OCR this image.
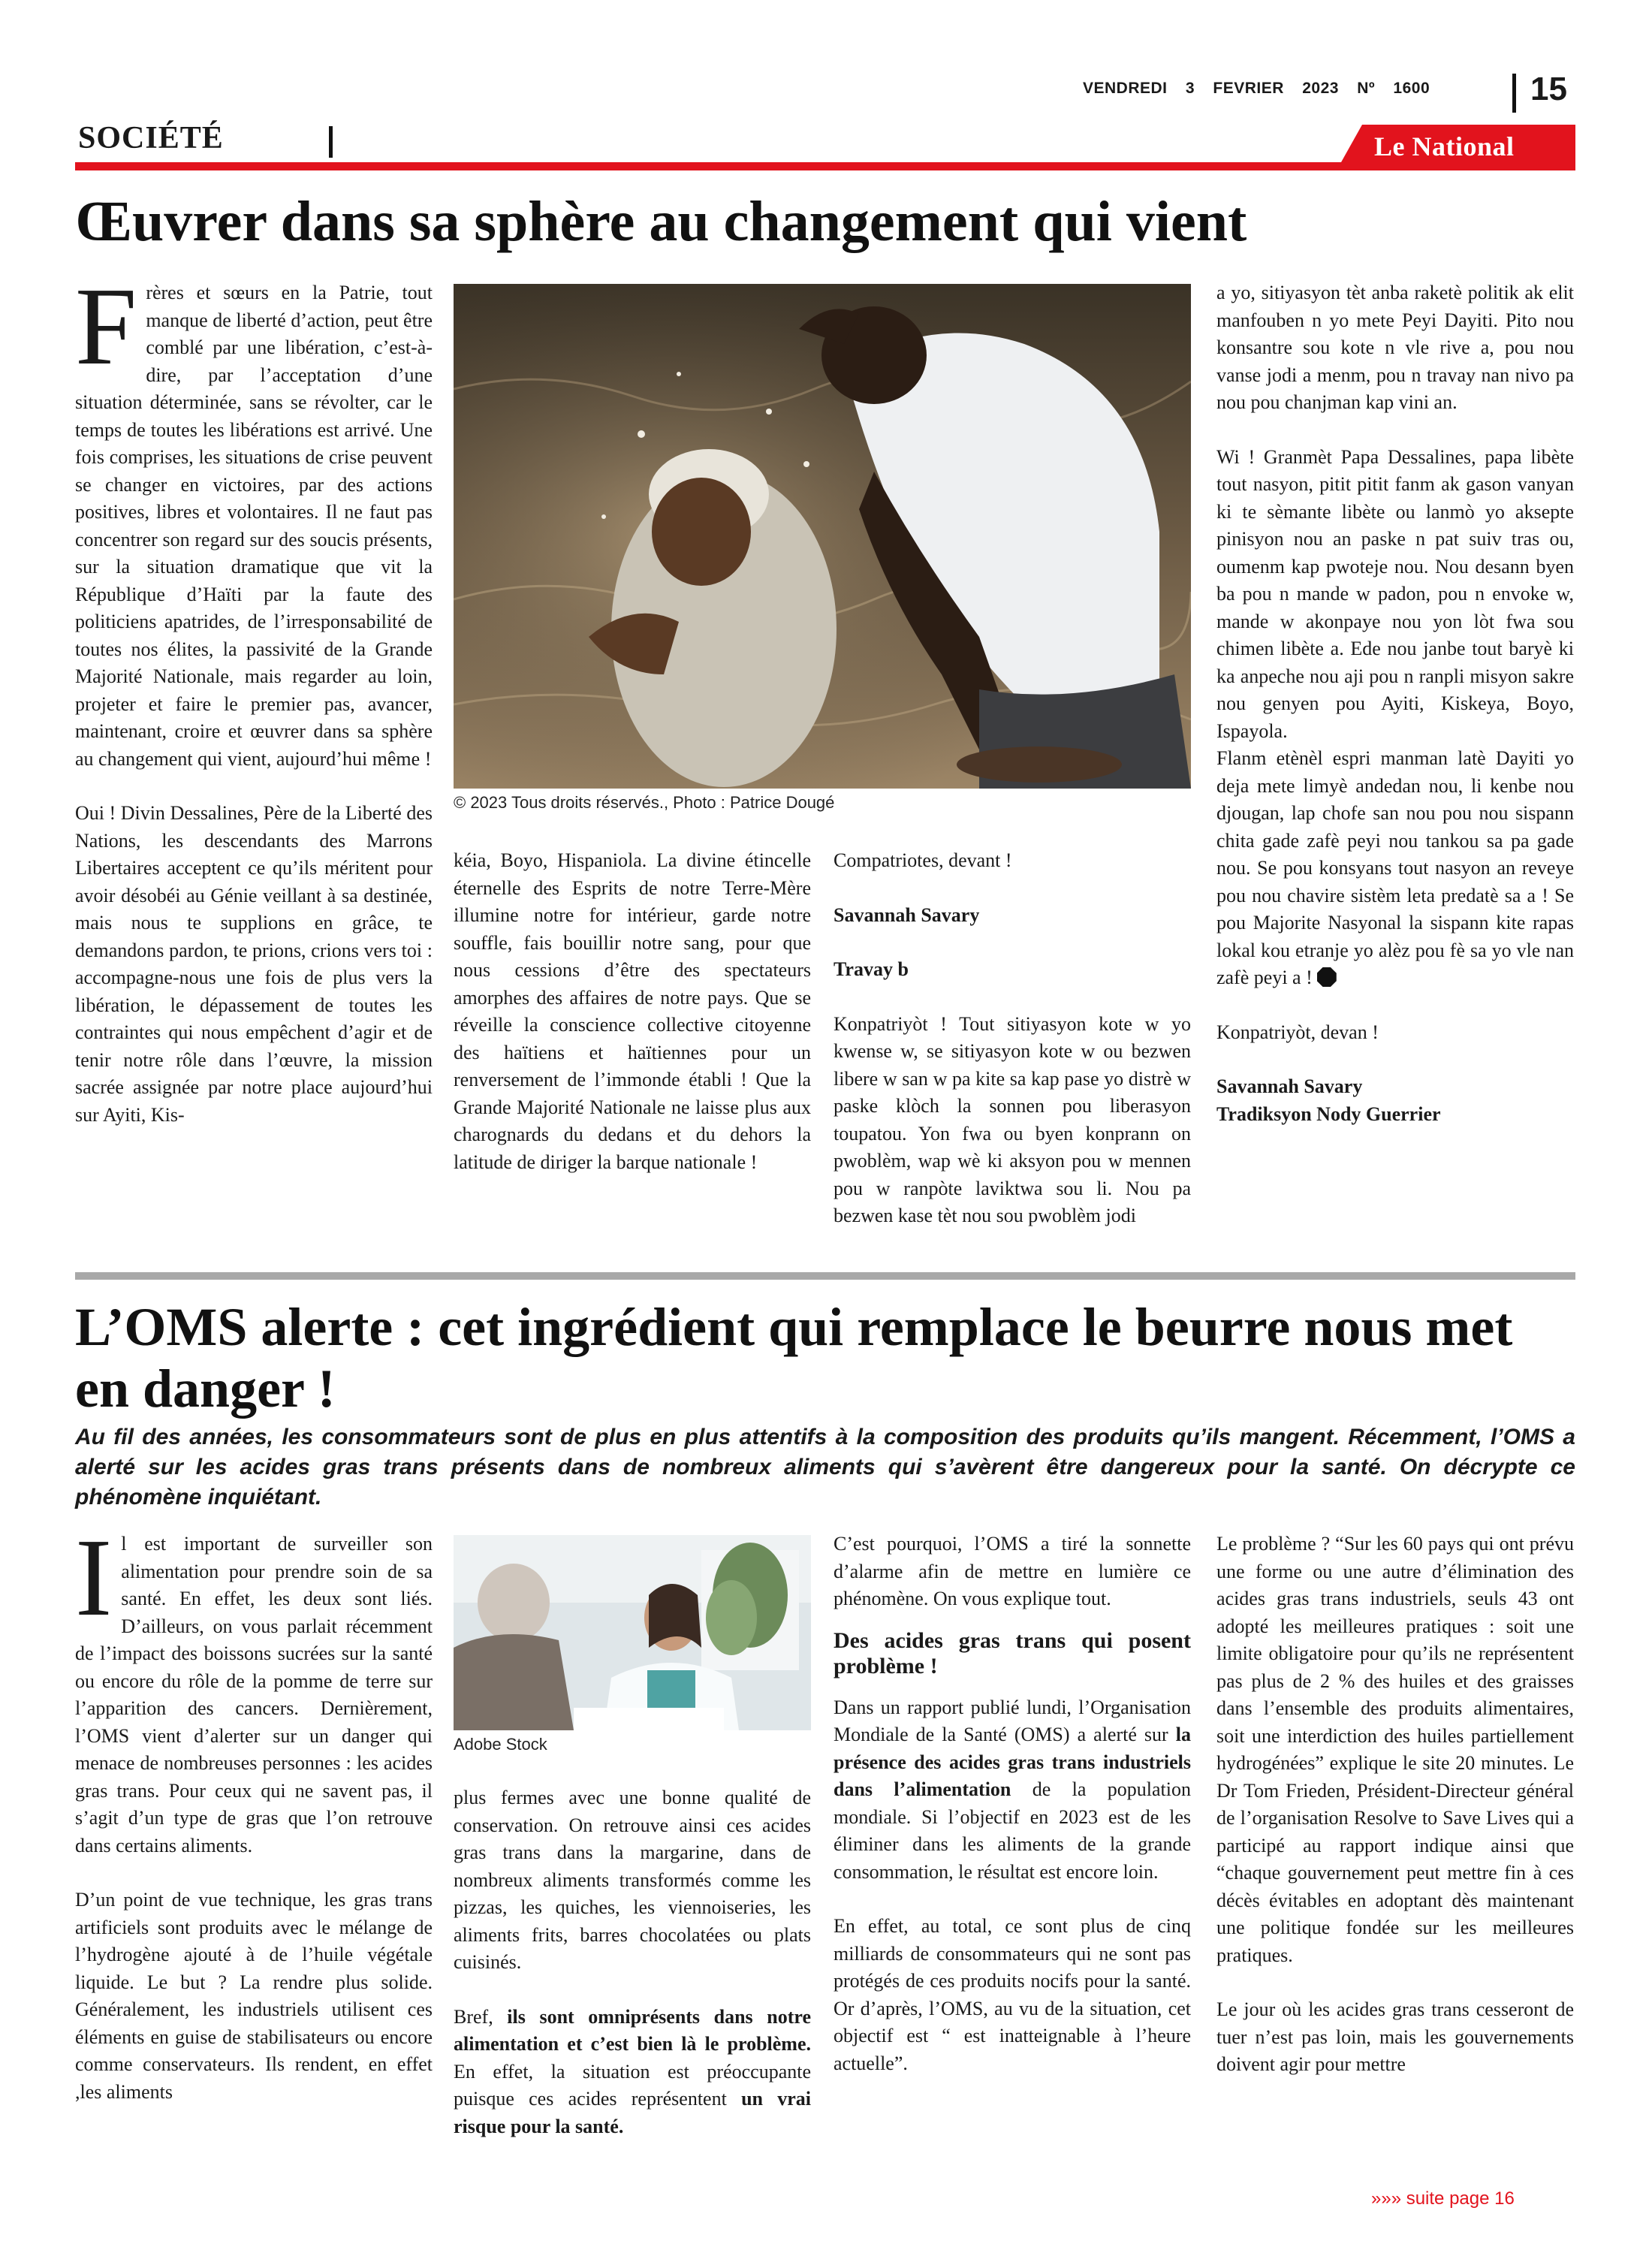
VENDREDI 3 FEVRIER 2023 Nº 1600	15
SOCIÉTÉ	Le National
Œuvrer dans sa sphère au changement qui vient

F rères et sœurs en la Patrie, tout manque de liberté d’action, peut être comblé par une libération, c’est-à-dire, par l’acceptation d’une situation déterminée, sans se révolter, car le temps de toutes les libérations est arrivé. Une fois comprises, les situations de crise peuvent se changer en victoires, par des actions positives, libres et volontaires. Il ne faut pas concentrer son regard sur des soucis présents, sur la situation dramatique que vit la République d’Haïti par la faute des politiciens apatrides, de l’irresponsabilité de toutes nos élites, la passivité de la Grande Majorité Nationale, mais regarder au loin, projeter et faire le premier pas, avancer, maintenant, croire et œuvrer dans sa sphère au changement qui vient, aujourd’hui même !

Oui ! Divin Dessalines, Père de la Liberté des Nations, les descendants des Marrons Libertaires acceptent ce qu’ils méritent pour avoir désobéi au Génie veillant à sa destinée, mais nous te supplions en grâce, te demandons pardon, te prions, crions vers toi : accompagne-nous une fois de plus vers la libération, le dépassement de toutes les contraintes qui nous empêchent d’agir et de tenir notre rôle dans l’œuvre, la mission sacrée assignée par notre place aujourd’hui sur Ayiti, Kis-

© 2023 Tous droits réservés., Photo : Patrice Dougé

kéia, Boyo, Hispaniola. La divine étincelle éternelle des Esprits de notre Terre-Mère illumine notre for intérieur, garde notre souffle, fais bouillir notre sang, pour que nous cessions d’être des spectateurs amorphes des affaires de notre pays. Que se réveille la conscience collective citoyenne des haïtiens et haïtiennes pour un renversement de l’immonde établi ! Que la Grande Majorité Nationale ne laisse plus aux charognards du dedans et du dehors la latitude de diriger la barque nationale !

Compatriotes, devant !

Savannah Savary

Travay b

Konpatriyòt ! Tout sitiyasyon kote w yo kwense w, se sitiyasyon kote w ou bezwen libere w san w pa kite sa kap pase yo distrè w paske klòch la sonnen pou liberasyon toupatou. Yon fwa ou byen konprann on pwoblèm, wap wè ki aksyon pou w mennen pou w ranpòte laviktwa sou li. Nou pa bezwen kase tèt nou sou pwoblèm jodi

a yo, sitiyasyon tèt anba raketè politik ak elit manfouben n yo mete Peyi Dayiti. Pito nou konsantre sou kote n vle rive a, pou nou vanse jodi a menm, pou n travay nan nivo pa nou pou chanjman kap vini an.

Wi ! Granmèt Papa Dessalines, papa libète tout nasyon, pitit pitit fanm ak gason vanyan ki te sèmante libète ou lanmò yo aksepte pinisyon nou an paske n pat suiv tras ou, oumenm kap pwoteje nou. Nou desann byen ba pou n mande w padon, pou n envoke w, mande w akonpaye nou yon lòt fwa sou chimen libète a. Ede nou janbe tout baryè ki ka anpeche nou aji pou n ranpli misyon sakre nou genyen pou Ayiti, Kiskeya, Boyo, Ispayola.

Flanm etènèl espri manman latè Dayiti yo deja mete limyè andedan nou, li kenbe nou djougan, lap chofe san nou pou nou sispann chita gade zafè peyi nou tankou sa pa gade nou. Se pou konsyans tout nasyon an reveye pou nou chavire sistèm leta predatè sa a ! Se pou Majorite Nasyonal la sispann kite rapas lokal kou etranje yo alèz pou fè sa yo vle nan zafè peyi a !

Konpatriyòt, devan !

Savannah Savary

Tradiksyon Nody Guerrier

L’OMS alerte : cet ingrédient qui remplace le beurre nous met en danger !
Au fil des années, les consommateurs sont de plus en plus attentifs à la composition des produits qu’ils mangent. Récemment, l’OMS a alerté sur les acides gras trans présents dans de nombreux aliments qui s’avèrent être dangereux pour la santé. On décrypte ce phénomène inquiétant.

I l est important de surveiller son alimentation pour prendre soin de sa santé. En effet, les deux sont liés. D’ailleurs, on vous parlait récemment de l’impact des boissons sucrées sur la santé ou encore du rôle de la pomme de terre sur l’apparition des cancers. Dernièrement, l’OMS vient d’alerter sur un danger qui menace de nombreuses personnes : les acides gras trans. Pour ceux qui ne savent pas, il s’agit d’un type de gras que l’on retrouve dans certains aliments.

D’un point de vue technique, les gras trans artificiels sont produits avec le mélange de l’hydrogène ajouté à de l’huile végétale liquide. Le but ? La rendre plus solide. Généralement, les industriels utilisent ces éléments en guise de stabilisateurs ou encore comme conservateurs. Ils rendent, en effet ,les aliments

Adobe Stock

plus fermes avec une bonne qualité de conservation. On retrouve ainsi ces acides gras trans dans la margarine, dans de nombreux aliments transformés comme les pizzas, les quiches, les viennoiseries, les aliments frits, barres chocolatées ou plats cuisinés.

Bref, ils sont omniprésents dans notre alimentation et c’est bien là le problème. En effet, la situation est préoccupante puisque ces acides représentent un vrai risque pour la santé.

C’est pourquoi, l’OMS a tiré la sonnette d’alarme afin de mettre en lumière ce phénomène. On vous explique tout.

Des acides gras trans qui posent problème !

Dans un rapport publié lundi, l’Organisation Mondiale de la Santé (OMS) a alerté sur la présence des acides gras trans industriels dans l’alimentation de la population mondiale. Si l’objectif en 2023 est de les éliminer dans les aliments de la grande consommation, le résultat est encore loin.

En effet, au total, ce sont plus de cinq milliards de consommateurs qui ne sont pas protégés de ces produits nocifs pour la santé. Or d’après, l’OMS, au vu de la situation, cet objectif est “ est inatteignable à l’heure actuelle”.

Le problème ? “Sur les 60 pays qui ont prévu une forme ou une autre d’élimination des acides gras trans industriels, seuls 43 ont adopté les meilleures pratiques : soit une limite obligatoire pour qu’ils ne représentent pas plus de 2 % des huiles et des graisses dans l’ensemble des produits alimentaires, soit une interdiction des huiles partiellement hydrogénées” explique le site 20 minutes. Le Dr Tom Frieden, Président-Directeur général de l’organisation Resolve to Save Lives qui a participé au rapport indique ainsi que “chaque gouvernement peut mettre fin à ces décès évitables en adoptant dès maintenant une politique fondée sur les meilleures pratiques.

Le jour où les acides gras trans cesseront de tuer n’est pas loin, mais les gouvernements doivent agir pour mettre

»»» suite page 16
